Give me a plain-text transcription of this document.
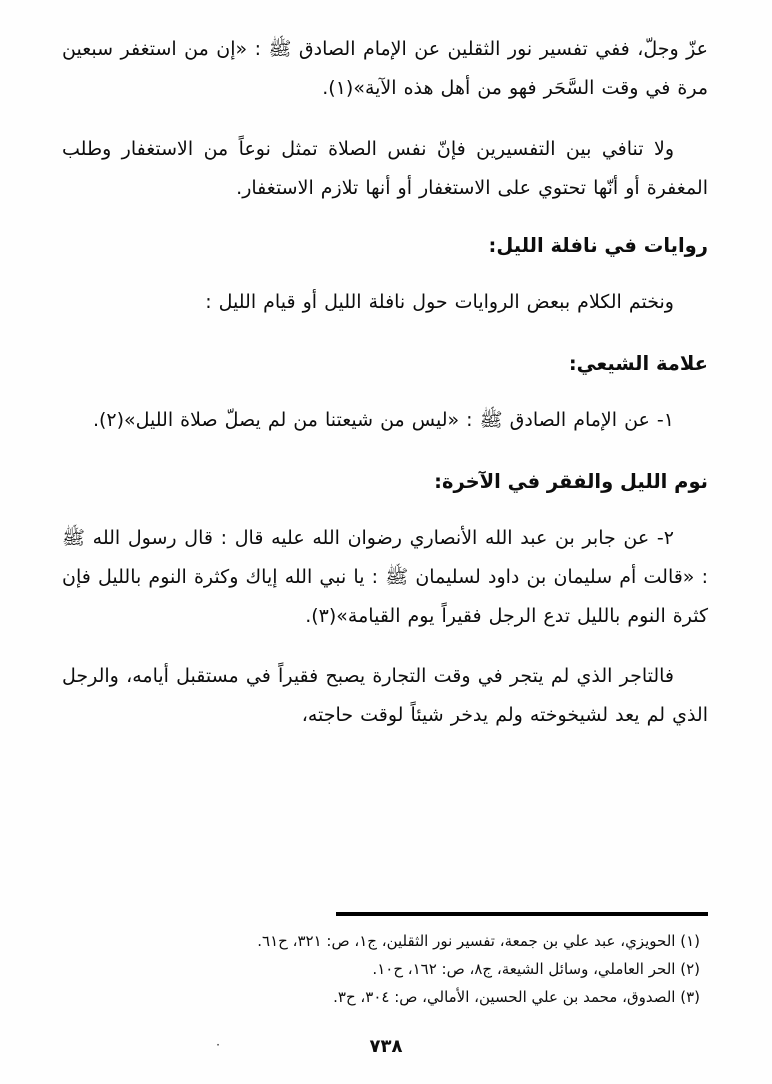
عزّ وجلّ، ففي تفسير نور الثقلين عن الإمام الصادق ﷺ : «إن من استغفر سبعين مرة في وقت السَّحَر فهو من أهل هذه الآية»(١).

ولا تنافي بين التفسيرين فإنّ نفس الصلاة تمثل نوعاً من الاستغفار وطلب المغفرة أو أنّها تحتوي على الاستغفار أو أنها تلازم الاستغفار.

روايات في نافلة الليل:

ونختم الكلام ببعض الروايات حول نافلة الليل أو قيام الليل :

علامة الشيعي:

١- عن الإمام الصادق ﷺ : «ليس من شيعتنا من لم يصلّ صلاة الليل»(٢).

نوم الليل والفقر في الآخرة:

٢- عن جابر بن عبد الله الأنصاري رضوان الله عليه قال : قال رسول الله ﷺ : «قالت أم سليمان بن داود لسليمان ﷺ : يا نبي الله إياك وكثرة النوم بالليل فإن كثرة النوم بالليل تدع الرجل فقيراً يوم القيامة»(٣).

فالتاجر الذي لم يتجر في وقت التجارة يصبح فقيراً في مستقبل أيامه، والرجل الذي لم يعد لشيخوخته ولم يدخر شيئاً لوقت حاجته،

(١) الحويزي، عبد علي بن جمعة، تفسير نور الثقلين، ج١، ص: ٣٢١، ح٦١.

(٢) الحر العاملي، وسائل الشيعة، ج٨، ص: ١٦٢، ح١٠.

(٣) الصدوق، محمد بن علي الحسين، الأمالي، ص: ٣٠٤، ح٣.

·	٧٣٨
